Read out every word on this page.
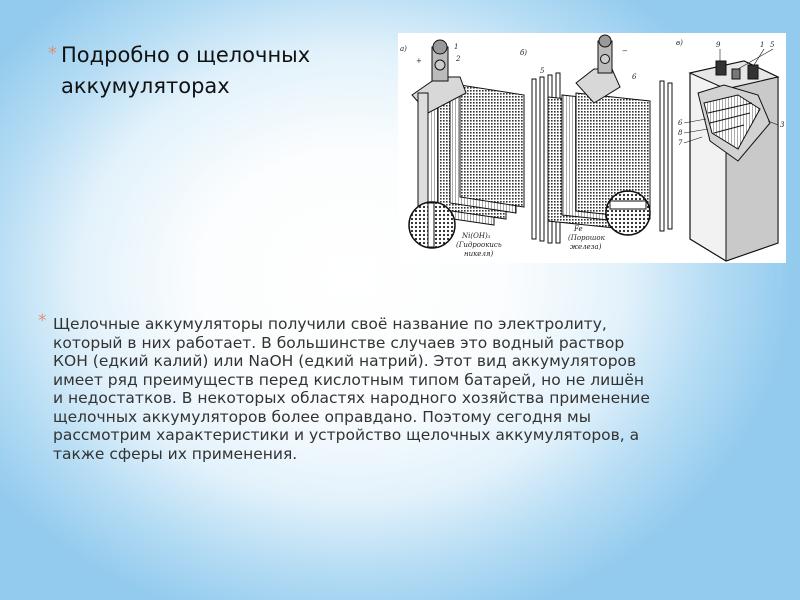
* Подробно о щелочных аккумуляторах
а)
+
1
2
Ni(OH)₃
(Гидроокись
никеля)
б)	−
5
6
Fe
(Порошок
железа)
в)	9	1 5
3
6
8
7
* Щелочные аккумуляторы получили своё название по электролиту, который в них работает. В большинстве случаев это водный раствор КОН (едкий калий) или NaOH (едкий натрий). Этот вид аккумуляторов имеет ряд преимуществ перед кислотным типом батарей, но не лишён и недостатков. В некоторых областях народного хозяйства применение щелочных аккумуляторов более оправдано. Поэтому сегодня мы рассмотрим характеристики и устройство щелочных аккумуляторов, а также сферы их применения.
